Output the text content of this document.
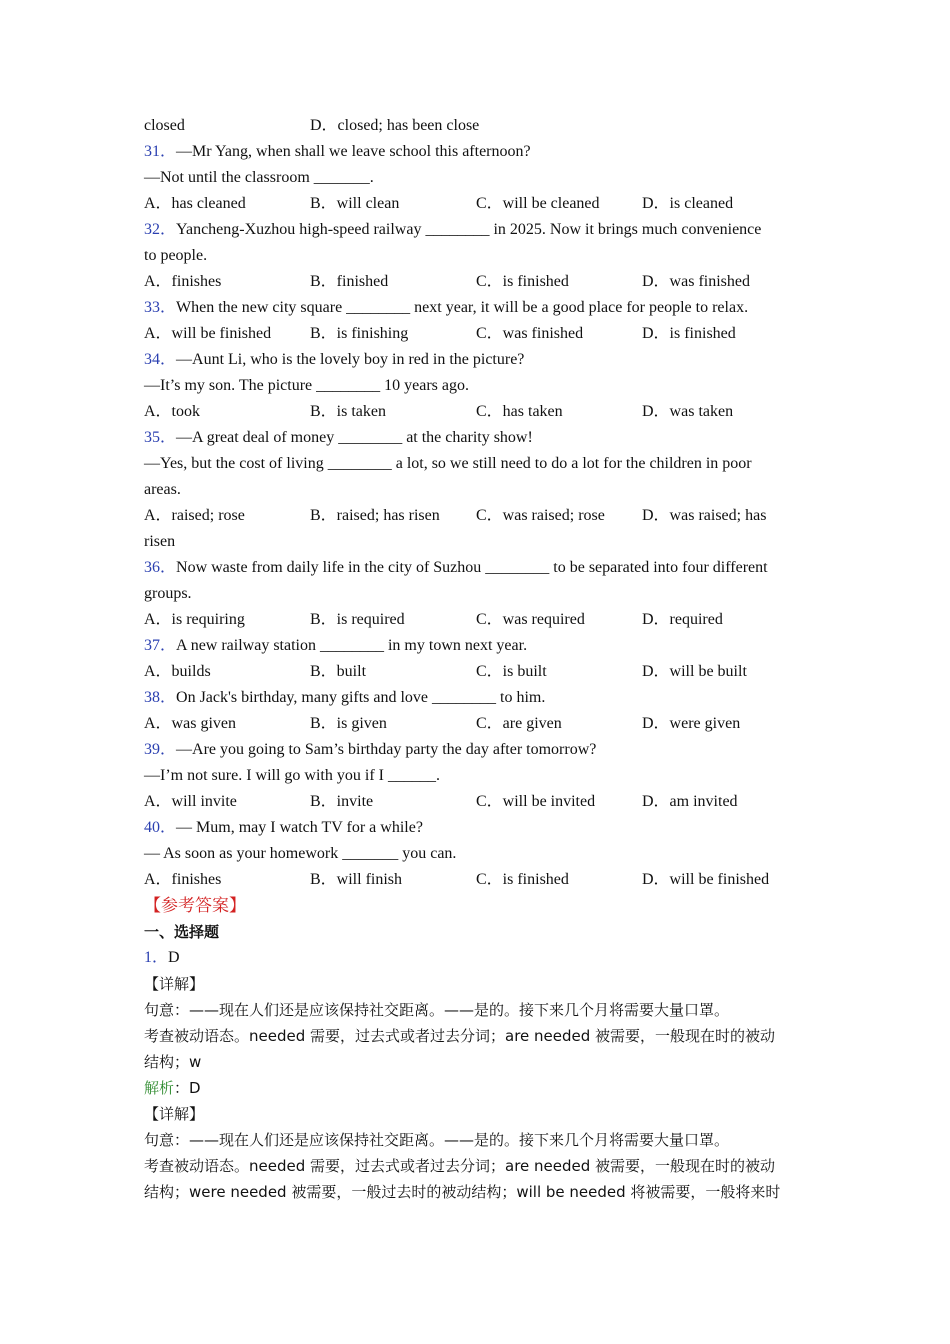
closed	D．closed; has been close
31．—Mr Yang, when shall we leave school this afternoon?
—Not until the classroom _______.
A．has cleaned	B．will clean	C．will be cleaned	D．is cleaned
32．Yancheng-Xuzhou high-speed railway ________ in 2025. Now it brings much convenience
to people.
A．finishes	B．finished	C．is finished	D．was finished
33．When the new city square ________ next year, it will be a good place for people to relax.
A．will be finished	B．is finishing	C．was finished	D．is finished
34．—Aunt Li, who is the lovely boy in red in the picture?
—It’s my son. The picture ________ 10 years ago.
A．took	B．is taken	C．has taken	D．was taken
35．—A great deal of money ________ at the charity show!
—Yes, but the cost of living ________ a lot, so we still need to do a lot for the children in poor
areas.
A．raised; rose	B．raised; has risen	C．was raised; rose	D．was raised; has
risen
36．Now waste from daily life in the city of Suzhou ________ to be separated into four different
groups.
A．is requiring	B．is required	C．was required	D．required
37．A new railway station ________ in my town next year.
A．builds	B．built	C．is built	D．will be built
38．On Jack's birthday, many gifts and love ________ to him.
A．was given	B．is given	C．are given	D．were given
39．—Are you going to Sam’s birthday party the day after tomorrow?
—I’m not sure. I will go with you if I ______.
A．will invite	B．invite	C．will be invited	D．am invited
40．— Mum, may I watch TV for a while?
— As soon as your homework _______ you can.
A．finishes	B．will finish	C．is finished	D．will be finished
【参考答案】
一、选择题
1．D
【详解】
句意：——现在人们还是应该保持社交距离。——是的。接下来几个月将需要大量口罩。
考查被动语态。needed 需要，过去式或者过去分词；are needed 被需要，一般现在时的被动
结构；w
解析：D
【详解】
句意：——现在人们还是应该保持社交距离。——是的。接下来几个月将需要大量口罩。
考查被动语态。needed 需要，过去式或者过去分词；are needed 被需要，一般现在时的被动
结构；were needed 被需要，一般过去时的被动结构；will be needed 将被需要，一般将来时
